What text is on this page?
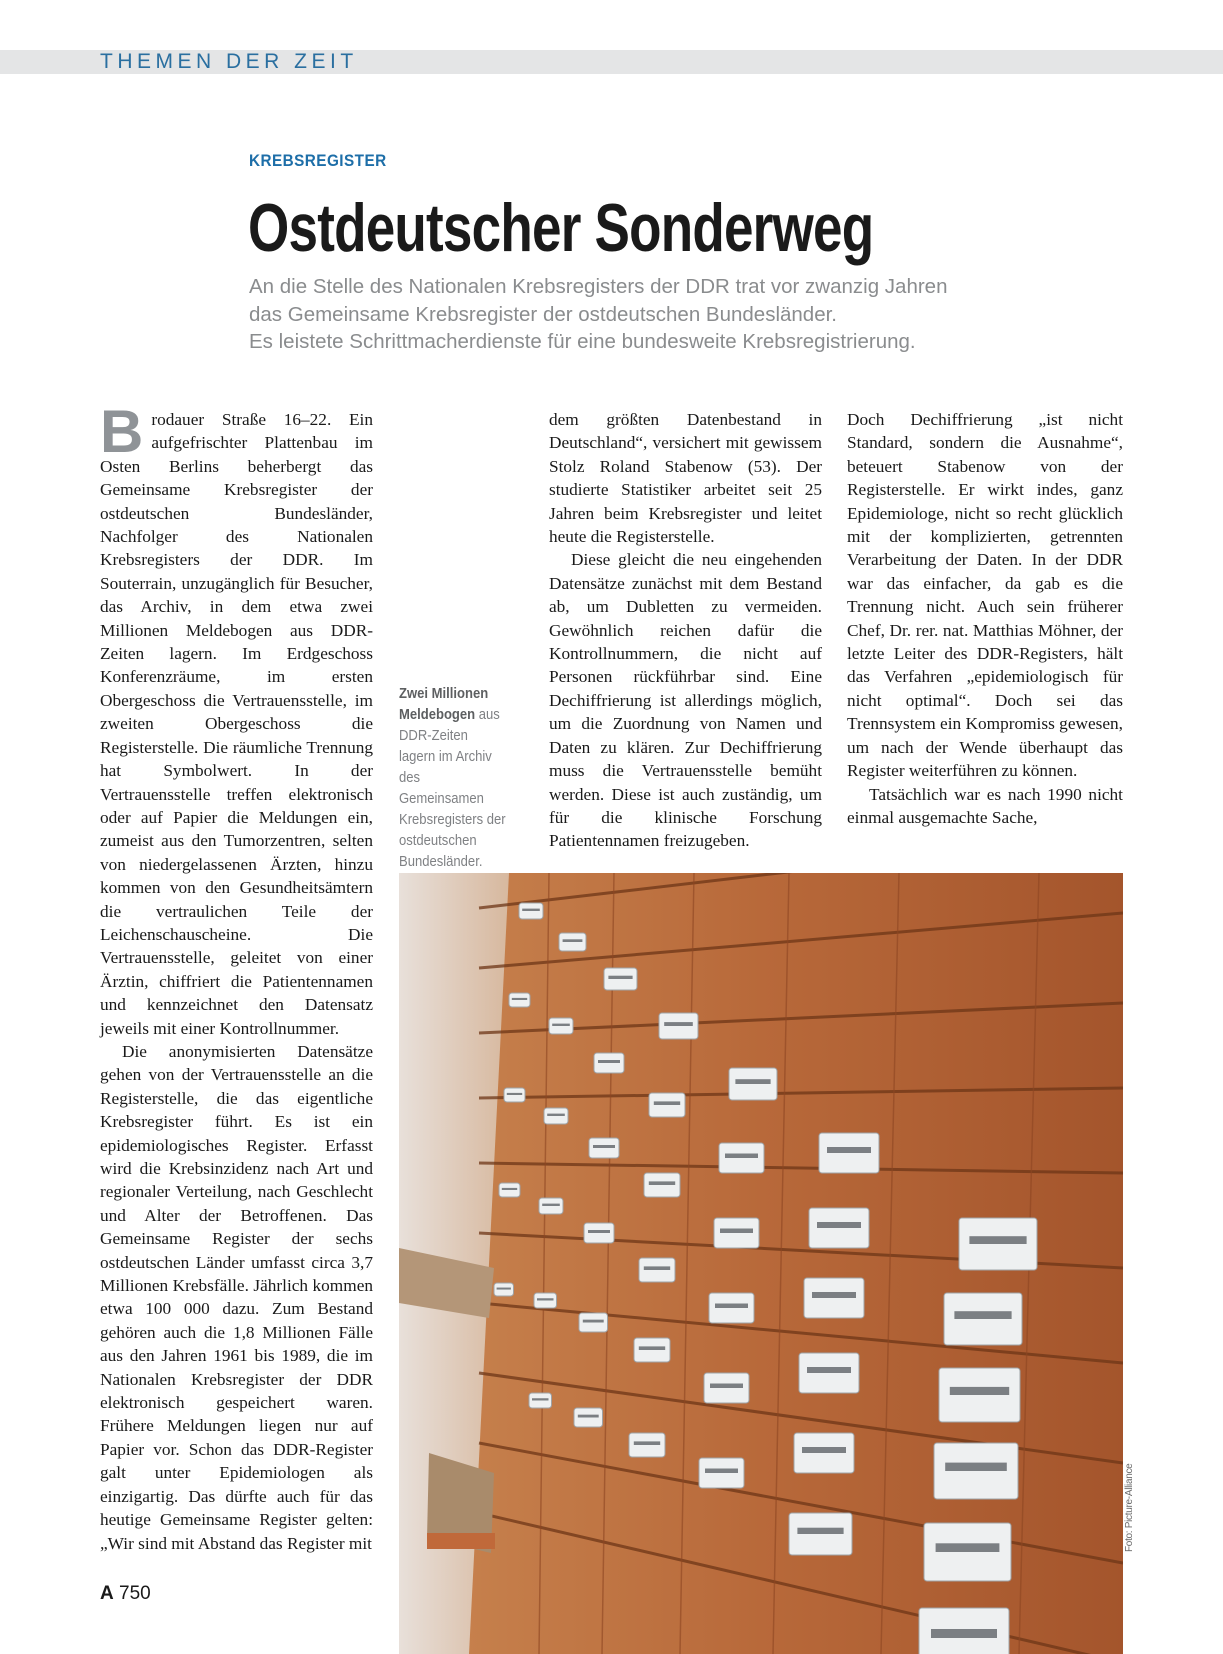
THEMEN DER ZEIT
KREBSREGISTER
Ostdeutscher Sonderweg
An die Stelle des Nationalen Krebsregisters der DDR trat vor zwanzig Jahren
das Gemeinsame Krebsregister der ostdeutschen Bundesländer.
Es leistete Schrittmacherdienste für eine bundesweite Krebsregistrierung.

Brodauer Straße 16–22. Ein aufgefrischter Plattenbau im Osten Berlins beherbergt das Gemeinsame Krebsregister der ostdeutschen Bundesländer, Nachfolger des Nationalen Krebsregisters der DDR. Im Souterrain, unzugänglich für Besucher, das Archiv, in dem etwa zwei Millionen Meldebogen aus DDR-Zeiten lagern. Im Erdgeschoss Konferenzräume, im ersten Obergeschoss die Vertrauensstelle, im zweiten Obergeschoss die Registerstelle. Die räumliche Trennung hat Symbolwert. In der Vertrauensstelle treffen elektronisch oder auf Papier die Meldungen ein, zumeist aus den Tumorzentren, selten von niedergelassenen Ärzten, hinzu kommen von den Gesundheitsämtern die vertraulichen Teile der Leichenschauscheine. Die Vertrauensstelle, geleitet von einer Ärztin, chiffriert die Patientennamen und kennzeichnet den Datensatz jeweils mit einer Kontrollnummer.

Die anonymisierten Datensätze gehen von der Vertrauensstelle an die Registerstelle, die das eigentliche Krebsregister führt. Es ist ein epidemiologisches Register. Erfasst wird die Krebsinzidenz nach Art und regionaler Verteilung, nach Geschlecht und Alter der Betroffenen. Das Gemeinsame Register der sechs ostdeutschen Länder umfasst circa 3,7 Millionen Krebsfälle. Jährlich kommen etwa 100 000 dazu. Zum Bestand gehören auch die 1,8 Millionen Fälle aus den Jahren 1961 bis 1989, die im Nationalen Krebsregister der DDR elektronisch gespeichert waren. Frühere Meldungen liegen nur auf Papier vor. Schon das DDR-Register galt unter Epidemiologen als einzigartig. Das dürfte auch für das heutige Gemeinsame Register gelten: „Wir sind mit Abstand das Register mit

Zwei Millionen Meldebogen aus DDR-Zeiten lagern im Archiv des Gemeinsamen Krebsregisters der ostdeutschen Bundesländer.

dem größten Datenbestand in Deutschland“, versichert mit gewissem Stolz Roland Stabenow (53). Der studierte Statistiker arbeitet seit 25 Jahren beim Krebsregister und leitet heute die Registerstelle.

Diese gleicht die neu eingehenden Datensätze zunächst mit dem Bestand ab, um Dubletten zu vermeiden. Gewöhnlich reichen dafür die Kontrollnummern, die nicht auf Personen rückführbar sind. Eine Dechiffrierung ist allerdings möglich, um die Zuordnung von Namen und Daten zu klären. Zur Dechiffrierung muss die Vertrauensstelle bemüht werden. Diese ist auch zuständig, um für die klinische Forschung Patientennamen freizugeben.

Doch Dechiffrierung „ist nicht Standard, sondern die Ausnahme“, beteuert Stabenow von der Registerstelle. Er wirkt indes, ganz Epidemiologe, nicht so recht glücklich mit der komplizierten, getrennten Verarbeitung der Daten. In der DDR war das einfacher, da gab es die Trennung nicht. Auch sein früherer Chef, Dr. rer. nat. Matthias Möhner, der letzte Leiter des DDR-Registers, hält das Verfahren „epidemiologisch für nicht optimal“. Doch sei das Trennsystem ein Kompromiss gewesen, um nach der Wende überhaupt das Register weiterführen zu können.

Tatsächlich war es nach 1990 nicht einmal ausgemachte Sache,

Foto: Picture-Alliance
A 750
